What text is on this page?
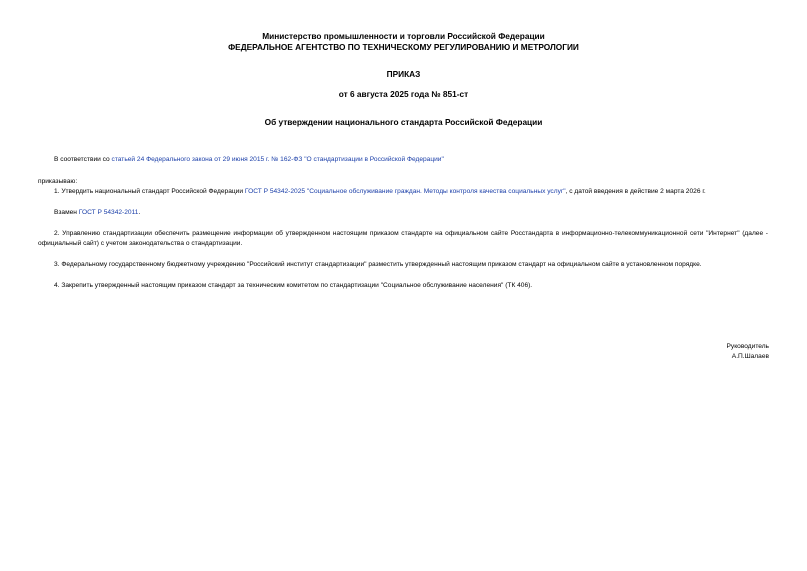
Министерство промышленности и торговли Российской Федерации
ФЕДЕРАЛЬНОЕ АГЕНТСТВО ПО ТЕХНИЧЕСКОМУ РЕГУЛИРОВАНИЮ И МЕТРОЛОГИИ
ПРИКАЗ
от 6 августа 2025 года № 851-ст
Об утверждении национального стандарта Российской Федерации
В соответствии со статьей 24 Федерального закона от 29 июня 2015 г. № 162-ФЗ "О стандартизации в Российской Федерации"
приказываю:
1. Утвердить национальный стандарт Российской Федерации ГОСТ Р 54342-2025 "Социальное обслуживание граждан. Методы контроля качества социальных услуг", с датой введения в действие 2 марта 2026 г.
Взамен ГОСТ Р 54342-2011.
2. Управлению стандартизации обеспечить размещение информации об утвержденном настоящим приказом стандарте на официальном сайте Росстандарта в информационно-телекоммуникационной сети "Интернет" (далее - официальный сайт) с учетом законодательства о стандартизации.
3. Федеральному государственному бюджетному учреждению "Российский институт стандартизации" разместить утвержденный настоящим приказом стандарт на официальном сайте в установленном порядке.
4. Закрепить утвержденный настоящим приказом стандарт за техническим комитетом по стандартизации "Социальное обслуживание населения" (ТК 406).
Руководитель
А.П.Шалаев
